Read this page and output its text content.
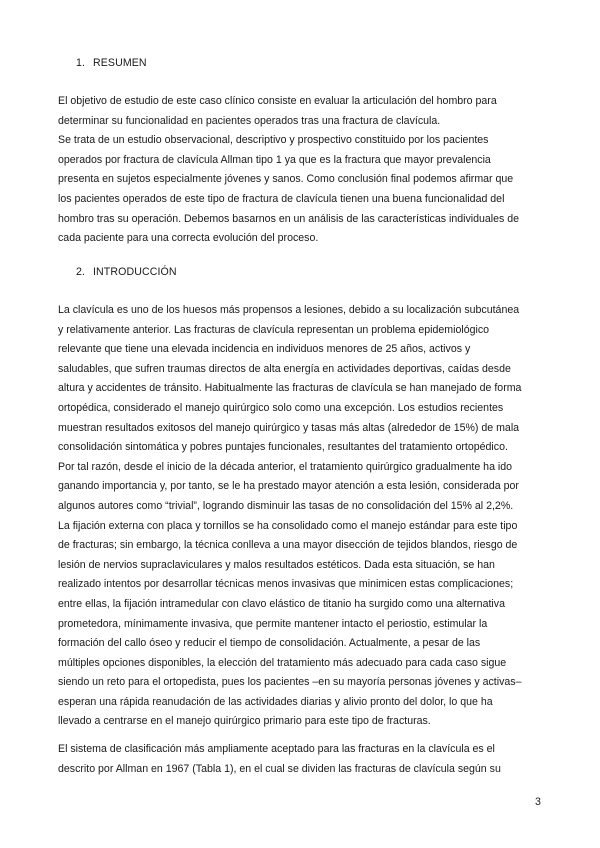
1. RESUMEN
El objetivo de estudio de este caso clínico consiste en evaluar la articulación del hombro para
determinar su funcionalidad en pacientes operados tras una fractura de clavícula.
Se trata de un estudio observacional, descriptivo y prospectivo constituido por los pacientes
operados por fractura de clavícula Allman tipo 1 ya que es la fractura que mayor prevalencia
presenta en sujetos especialmente jóvenes y sanos. Como conclusión final podemos afirmar que
los pacientes operados de este tipo de fractura de clavícula tienen una buena funcionalidad del
hombro tras su operación. Debemos basarnos en un análisis de las características individuales de
cada paciente para una correcta evolución del proceso.
2. INTRODUCCIÓN
La clavícula es uno de los huesos más propensos a lesiones, debido a su localización subcutánea
y relativamente anterior. Las fracturas de clavícula representan un problema epidemiológico
relevante que tiene una elevada incidencia en individuos menores de 25 años, activos y
saludables, que sufren traumas directos de alta energía en actividades deportivas, caídas desde
altura y accidentes de tránsito. Habitualmente las fracturas de clavícula se han manejado de forma
ortopédica, considerado el manejo quirúrgico solo como una excepción. Los estudios recientes
muestran resultados exitosos del manejo quirúrgico y tasas más altas (alrededor de 15%) de mala
consolidación sintomática y pobres puntajes funcionales, resultantes del tratamiento ortopédico.
Por tal razón, desde el inicio de la década anterior, el tratamiento quirúrgico gradualmente ha ido
ganando importancia y, por tanto, se le ha prestado mayor atención a esta lesión, considerada por
algunos autores como “trivial”, logrando disminuir las tasas de no consolidación del 15% al 2,2%.
La fijación externa con placa y tornillos se ha consolidado como el manejo estándar para este tipo
de fracturas; sin embargo, la técnica conlleva a una mayor disección de tejidos blandos, riesgo de
lesión de nervios supraclaviculares y malos resultados estéticos. Dada esta situación, se han
realizado intentos por desarrollar técnicas menos invasivas que minimicen estas complicaciones;
entre ellas, la fijación intramedular con clavo elástico de titanio ha surgido como una alternativa
prometedora, mínimamente invasiva, que permite mantener intacto el periostio, estimular la
formación del callo óseo y reducir el tiempo de consolidación. Actualmente, a pesar de las
múltiples opciones disponibles, la elección del tratamiento más adecuado para cada caso sigue
siendo un reto para el ortopedista, pues los pacientes –en su mayoría personas jóvenes y activas–
esperan una rápida reanudación de las actividades diarias y alivio pronto del dolor, lo que ha
llevado a centrarse en el manejo quirúrgico primario para este tipo de fracturas.
El sistema de clasificación más ampliamente aceptado para las fracturas en la clavícula es el
descrito por Allman en 1967 (Tabla 1), en el cual se dividen las fracturas de clavícula según su
3
